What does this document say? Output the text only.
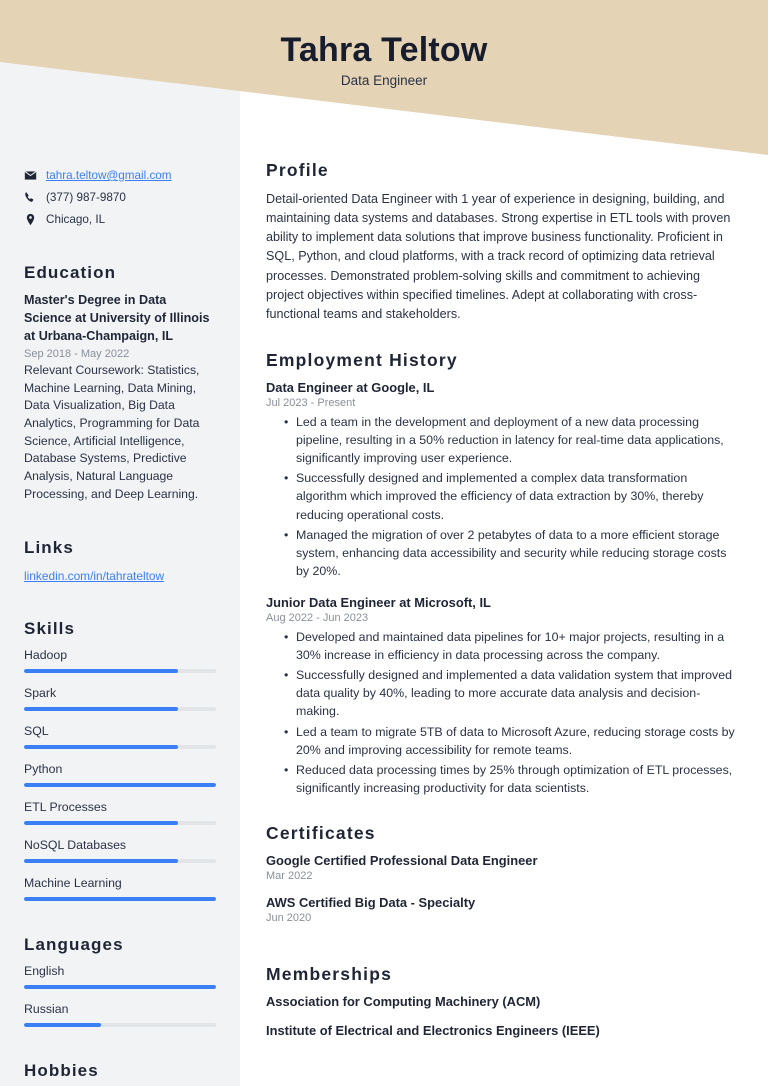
tahra.teltow@gmail.com
(377) 987-9870
Chicago, IL
Education
Master's Degree in Data Science at University of Illinois at Urbana-Champaign, IL
Sep 2018 - May 2022
Relevant Coursework: Statistics, Machine Learning, Data Mining, Data Visualization, Big Data Analytics, Programming for Data Science, Artificial Intelligence, Database Systems, Predictive Analysis, Natural Language Processing, and Deep Learning.
Links
linkedin.com/in/tahrateltow
Skills
Hadoop
Spark
SQL
Python
ETL Processes
NoSQL Databases
Machine Learning
Languages
English
Russian
Hobbies
Profile

Detail-oriented Data Engineer with 1 year of experience in designing, building, and maintaining data systems and databases. Strong expertise in ETL tools with proven ability to implement data solutions that improve business functionality. Proficient in SQL, Python, and cloud platforms, with a track record of optimizing data retrieval processes. Demonstrated problem-solving skills and commitment to achieving project objectives within specified timelines. Adept at collaborating with cross-functional teams and stakeholders.

Employment History
Data Engineer at Google, IL
Jul 2023 - Present
• Led a team in the development and deployment of a new data processing pipeline, resulting in a 50% reduction in latency for real-time data applications, significantly improving user experience.
• Successfully designed and implemented a complex data transformation algorithm which improved the efficiency of data extraction by 30%, thereby reducing operational costs.
• Managed the migration of over 2 petabytes of data to a more efficient storage system, enhancing data accessibility and security while reducing storage costs by 20%.
Junior Data Engineer at Microsoft, IL
Aug 2022 - Jun 2023
• Developed and maintained data pipelines for 10+ major projects, resulting in a 30% increase in efficiency in data processing across the company.
• Successfully designed and implemented a data validation system that improved data quality by 40%, leading to more accurate data analysis and decision-making.
• Led a team to migrate 5TB of data to Microsoft Azure, reducing storage costs by 20% and improving accessibility for remote teams.
• Reduced data processing times by 25% through optimization of ETL processes, significantly increasing productivity for data scientists.
Certificates
Google Certified Professional Data Engineer
Mar 2022
AWS Certified Big Data - Specialty
Jun 2020
Memberships
Association for Computing Machinery (ACM)
Institute of Electrical and Electronics Engineers (IEEE)
Tahra Teltow
Data Engineer
